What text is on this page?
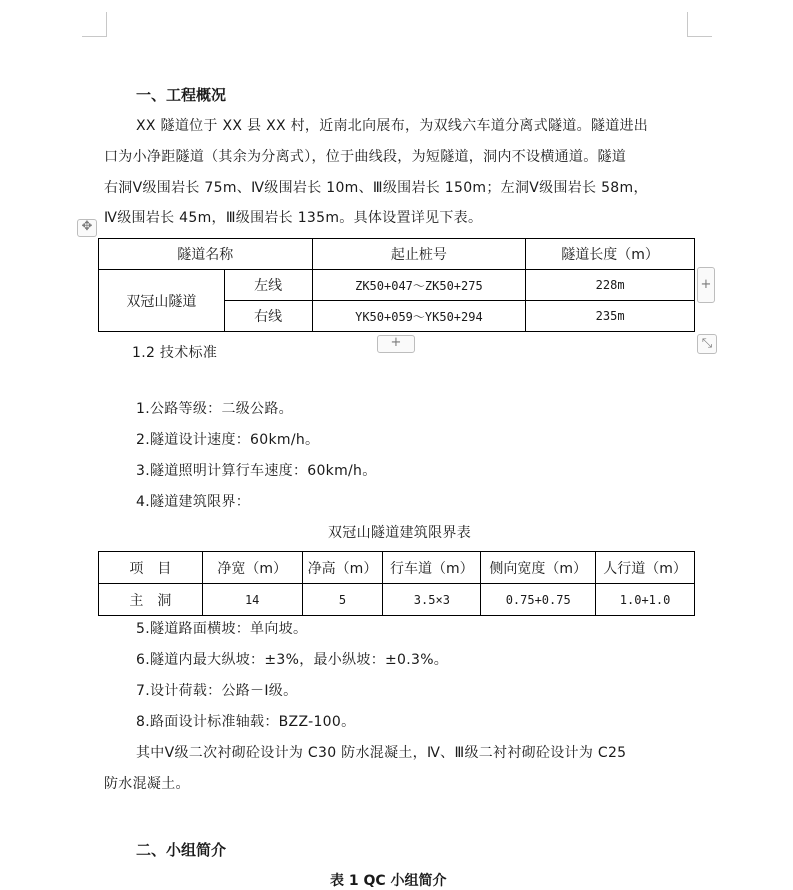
一、工程概况
XX 隧道位于 XX 县 XX 村，近南北向展布，为双线六车道分离式隧道。隧道进出
口为小净距隧道（其余为分离式），位于曲线段，为短隧道，洞内不设横通道。隧道
右洞Ⅴ级围岩长 75m、Ⅳ级围岩长 10m、Ⅲ级围岩长 150m；左洞Ⅴ级围岩长 58m，
Ⅳ级围岩长 45m，Ⅲ级围岩长 135m。具体设置详见下表。
✥
隧道名称		起止桩号	隧道长度（m）
双冠山隧道	左线	ZK50+047～ZK50+275	228m
	右线	YK50+059～YK50+294	235m
+
+	⤡
1.2 技术标准
1.公路等级：二级公路。
2.隧道设计速度：60km/h。
3.隧道照明计算行车速度：60km/h。
4.隧道建筑限界：
双冠山隧道建筑限界表
项　目	净宽（m）	净高（m）	行车道（m）	侧向宽度（m）	人行道（m）
主　洞	14	5	3.5×3	0.75+0.75	1.0+1.0
5.隧道路面横坡：单向坡。
6.隧道内最大纵坡：±3%，最小纵坡：±0.3%。
7.设计荷载：公路－Ⅰ级。
8.路面设计标准轴载：BZZ-100。
其中Ⅴ级二次衬砌砼设计为 C30 防水混凝土，Ⅳ、Ⅲ级二衬衬砌砼设计为 C25
防水混凝土。
二、小组简介
表 1 QC 小组简介
